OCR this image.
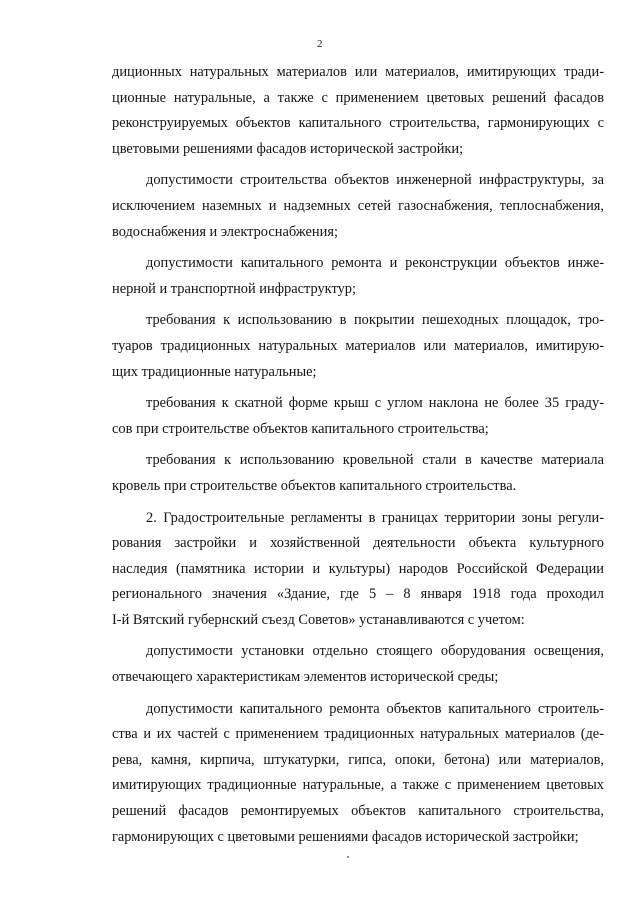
2
диционных натуральных материалов или материалов, имитирующих тради-
ционные натуральные, а также с применением цветовых решений фасадов
реконструируемых объектов капитального строительства, гармонирующих с
цветовыми решениями фасадов исторической застройки;
допустимости строительства объектов инженерной инфраструктуры, за
исключением наземных и надземных сетей газоснабжения, теплоснабжения,
водоснабжения и электроснабжения;
допустимости капитального ремонта и реконструкции объектов инже-
нерной и транспортной инфраструктур;
требования к использованию в покрытии пешеходных площадок, тро-
туаров традиционных натуральных материалов или материалов, имитирую-
щих традиционные натуральные;
требования к скатной форме крыш с углом наклона не более 35 граду-
сов при строительстве объектов капитального строительства;
требования к использованию кровельной стали в качестве материала
кровель при строительстве объектов капитального строительства.
2. Градостроительные регламенты в границах территории зоны регули-
рования застройки и хозяйственной деятельности объекта культурного
наследия (памятника истории и культуры) народов Российской Федерации
регионального значения «Здание, где 5 – 8 января 1918 года проходил
I-й Вятский губернский съезд Советов» устанавливаются с учетом:
допустимости установки отдельно стоящего оборудования освещения,
отвечающего характеристикам элементов исторической среды;
допустимости капитального ремонта объектов капитального строитель-
ства и их частей с применением традиционных натуральных материалов (де-
рева, камня, кирпича, штукатурки, гипса, опоки, бетона) или материалов,
имитирующих традиционные натуральные, а также с применением цветовых
решений фасадов ремонтируемых объектов капитального строительства,
гармонирующих с цветовыми решениями фасадов исторической застройки;
